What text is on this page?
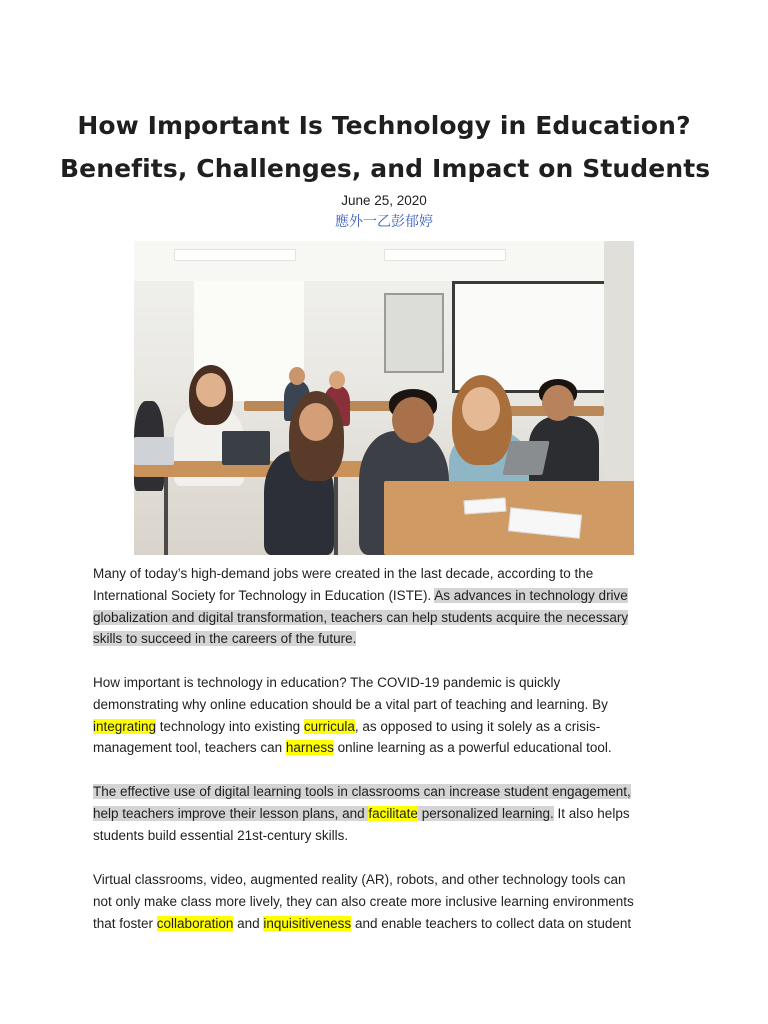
How Important Is Technology in Education?
Benefits, Challenges, and Impact on Students
June 25, 2020
應外一乙彭郁婷

Many of today’s high-demand jobs were created in the last decade, according to the
International Society for Technology in Education (ISTE). As advances in technology drive
globalization and digital transformation, teachers can help students acquire the necessary
skills to succeed in the careers of the future.

How important is technology in education? The COVID-19 pandemic is quickly
demonstrating why online education should be a vital part of teaching and learning. By
integrating technology into existing curricula, as opposed to using it solely as a crisis-
management tool, teachers can harness online learning as a powerful educational tool.

The effective use of digital learning tools in classrooms can increase student engagement,
help teachers improve their lesson plans, and facilitate personalized learning. It also helps
students build essential 21st-century skills.

Virtual classrooms, video, augmented reality (AR), robots, and other technology tools can
not only make class more lively, they can also create more inclusive learning environments
that foster collaboration and inquisitiveness and enable teachers to collect data on student
